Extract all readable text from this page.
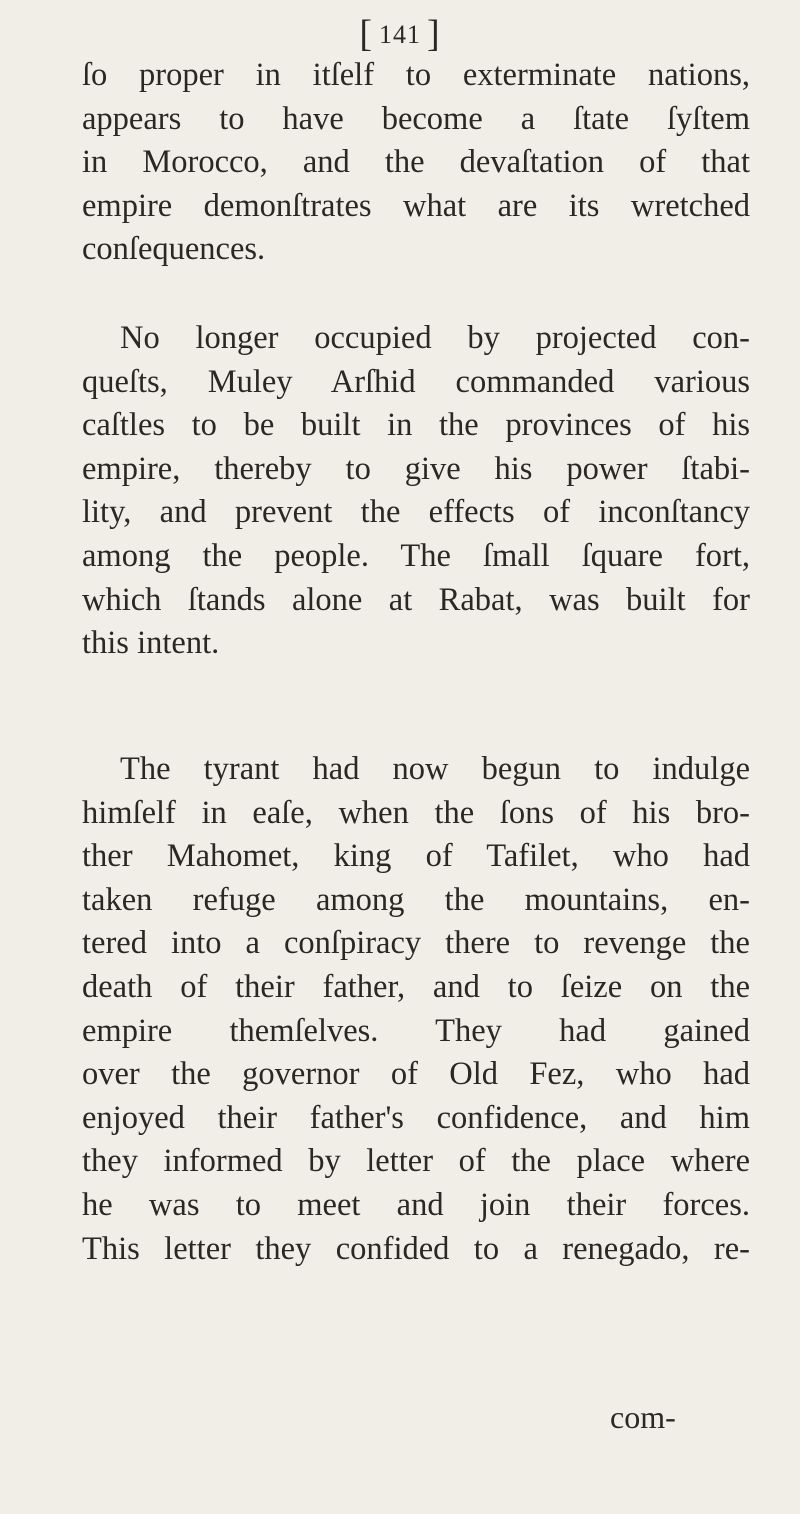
[ 141 ]
ſo proper in itſelf to exterminate nations,
appears to have become a ſtate ſyſtem
in Morocco, and the devaſtation of that
empire demonſtrates what are its wretched
conſequences.
No longer occupied by projected con-
queſts, Muley Arſhid commanded various
caſtles to be built in the provinces of his
empire, thereby to give his power ſtabi-
lity, and prevent the effects of inconſtancy
among the people. The ſmall ſquare fort,
which ſtands alone at Rabat, was built for
this intent.
The tyrant had now begun to indulge
himſelf in eaſe, when the ſons of his bro-
ther Mahomet, king of Tafilet, who had
taken refuge among the mountains, en-
tered into a conſpiracy there to revenge the
death of their father, and to ſeize on the
empire themſelves. They had gained
over the governor of Old Fez, who had
enjoyed their father's confidence, and him
they informed by letter of the place where
he was to meet and join their forces.
This letter they confided to a renegado, re-
com-
